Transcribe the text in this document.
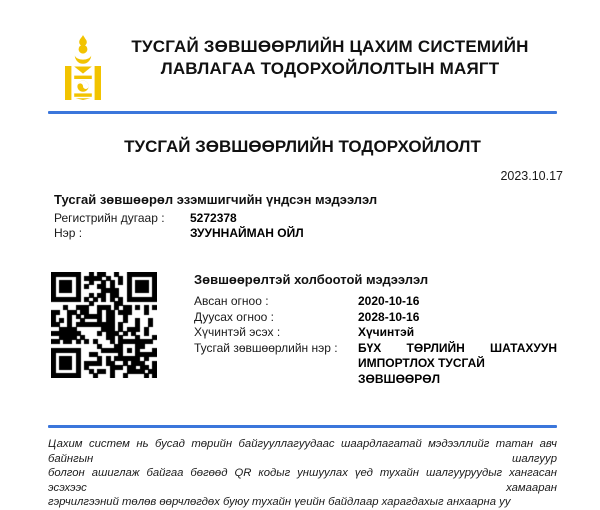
ТУСГАЙ ЗӨВШӨӨРЛИЙН ЦАХИМ СИСТЕМИЙН
ЛАВЛАГАА ТОДОРХОЙЛОЛТЫН МАЯГТ
ТУСГАЙ ЗӨВШӨӨРЛИЙН ТОДОРХОЙЛОЛТ
2023.10.17
Тусгай зөвшөөрөл эзэмшигчийн үндсэн мэдээлэл
Регистрийн дугаар :	5272378
Нэр :	ЗУУННАЙМАН ОЙЛ
Зөвшөөрөлтэй холбоотой мэдээлэл
Авсан огноо :	2020-10-16
Дуусах огноо :	2028-10-16
Хүчинтэй эсэх :	Хүчинтэй
Тусгай зөвшөөрлийн нэр :	БҮХ ТӨРЛИЙН ШАТАХУУН
ИМПОРТЛОХ ТУСГАЙ ЗӨВШӨӨРӨЛ
Цахим систем нь бусад төрийн байгууллагуудаас шаардлагатай мэдээллийг татан авч байнгын шалгуур
болгон ашиглаж байгаа бөгөөд QR кодыг уншуулах үед тухайн шалгууруудыг хангасан эсэхээс хамааран
гэрчилгээний төлөв өөрчлөгдөх буюу тухайн үеийн байдлаар харагдахыг анхаарна уу
